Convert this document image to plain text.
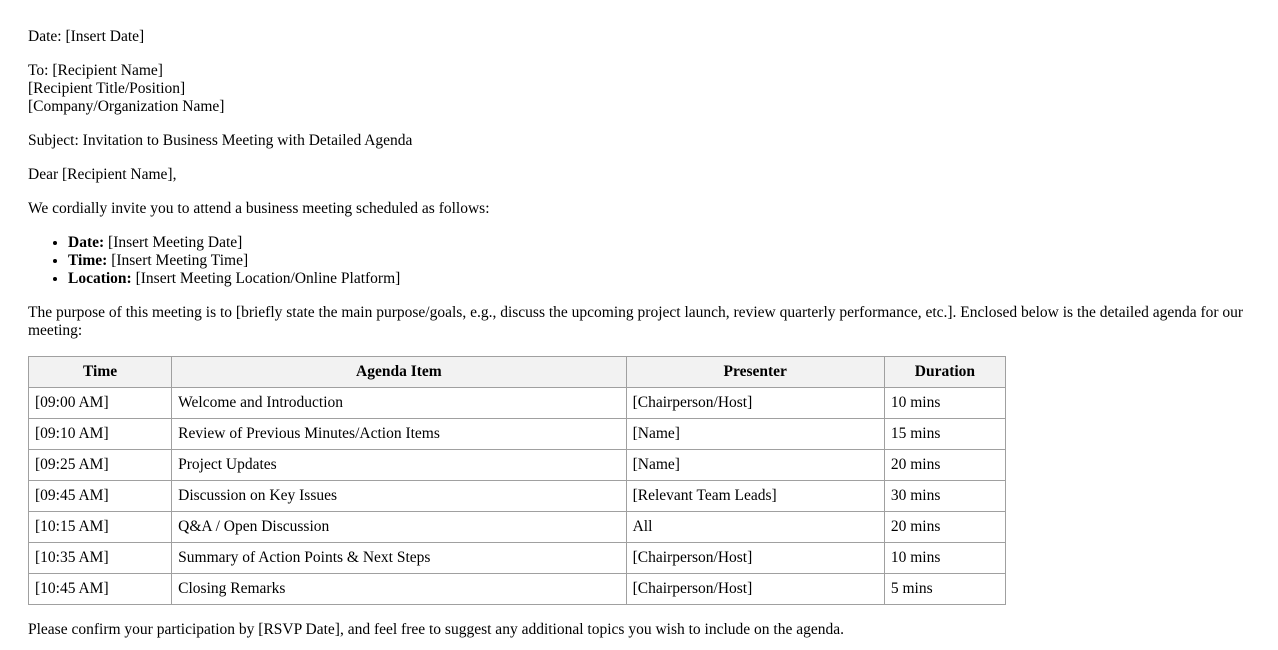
Date: [Insert Date]

To: [Recipient Name]

[Recipient Title/Position]

[Company/Organization Name]

Subject: Invitation to Business Meeting with Detailed Agenda

Dear [Recipient Name],

We cordially invite you to attend a business meeting scheduled as follows:

• Date: [Insert Meeting Date]
• Time: [Insert Meeting Time]
• Location: [Insert Meeting Location/Online Platform]

The purpose of this meeting is to [briefly state the main purpose/goals, e.g., discuss the upcoming project launch, review quarterly performance, etc.]. Enclosed below is the detailed agenda for our meeting:

Time	Agenda Item	Presenter	Duration
[09:00 AM]	Welcome and Introduction	[Chairperson/Host]	10 mins
[09:10 AM]	Review of Previous Minutes/Action Items	[Name]	15 mins
[09:25 AM]	Project Updates	[Name]	20 mins
[09:45 AM]	Discussion on Key Issues	[Relevant Team Leads]	30 mins
[10:15 AM]	Q&A / Open Discussion	All	20 mins
[10:35 AM]	Summary of Action Points & Next Steps	[Chairperson/Host]	10 mins
[10:45 AM]	Closing Remarks	[Chairperson/Host]	5 mins

Please confirm your participation by [RSVP Date], and feel free to suggest any additional topics you wish to include on the agenda.
